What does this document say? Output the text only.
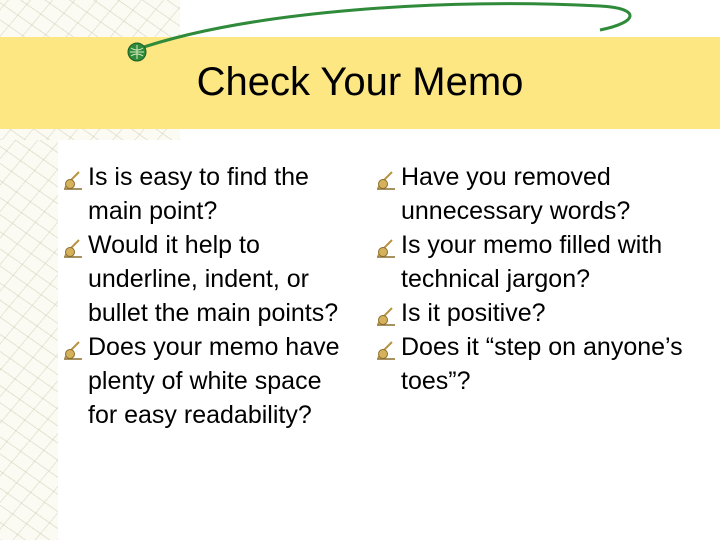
Check Your Memo
Is is easy to find the main point?
Would it help to underline, indent, or bullet the main points?
Does your memo have plenty of white space for easy readability?
Have you removed unnecessary words?
Is your memo filled with technical jargon?
Is it positive?
Does it “step on anyone’s toes”?
